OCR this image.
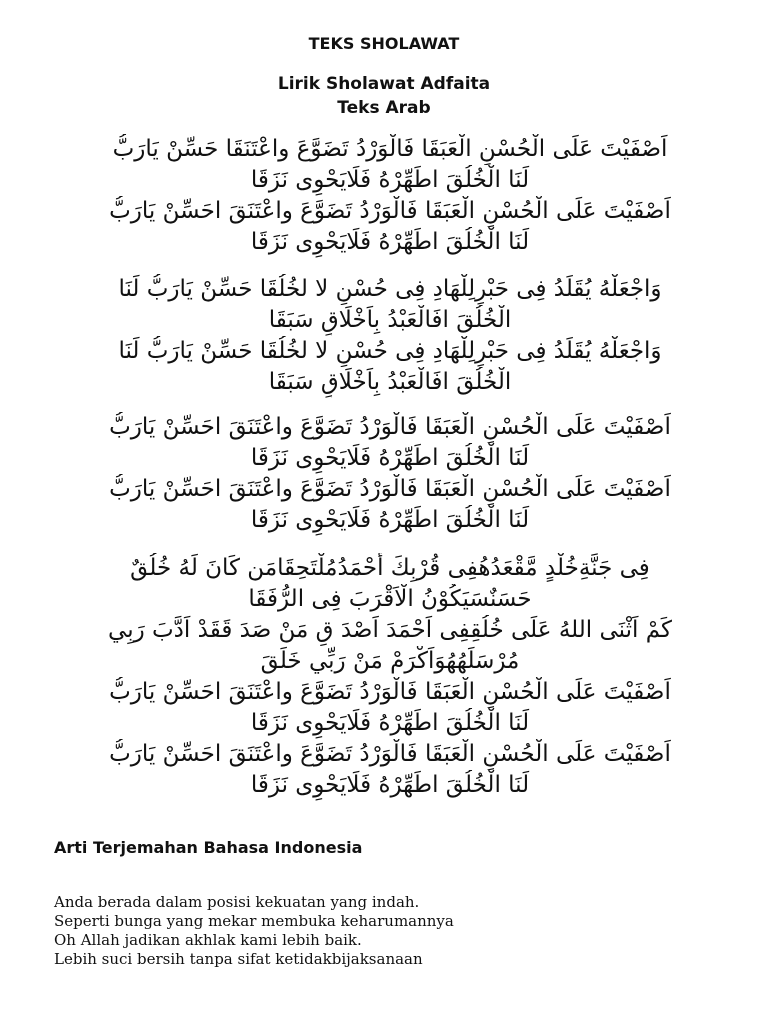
TEKS SHOLAWAT
Lirik Sholawat Adfaita
Teks Arab
اَصْفَيْتَ عَلَى الْحُسْنِ الْعَبَقَا فَالْوَرْدُ تَضَوَّعَ واعْتَنَقَا حَسِّنْ يَارَبُّ
لَنَا الْخُلُقَ اطَهِّرْهُ فَلَايَحْوِى نَزَقَا
اَصْفَيْتَ عَلَى الْحُسْنِ الْعَبَقَا فَالْوَرْدُ تَضَوَّعَ واعْتَنَقَ احَسِّنْ يَارَبُّ
لَنَا الْخُلُقَ اطَهِّرْهُ فَلَايَحْوِى نَزَقَا
وَاجْعَلْهُ يُقَلِّدُ فِى حَبْرِلِلْهَادِ فِى حُسْنٍ لا لخُلُقَا حَسِّنْ يَارَبُّ لَنَا
الْخُلُقَ افَالْعَبْدُ بِاَخْلَاقٍ سَبَقَا
وَاجْعَلْهُ يُقَلِّدُ فِى حَبْرِلِلْهَادِ فِى حُسْنٍ لا لخُلُقَا حَسِّنْ يَارَبُّ لَنَا
الْخُلُقَ افَالْعَبْدُ بِاَخْلَاقٍ سَبَقَا
اَصْفَيْتَ عَلَى الْحُسْنِ الْعَبَقَا فَالْوَرْدُ تَضَوَّعَ واعْتَنَقَ احَسِّنْ يَارَبُّ
لَنَا الْخُلُقَ اطَهِّرْهُ فَلَايَحْوِى نَزَقَا
اَصْفَيْتَ عَلَى الْحُسْنِ الْعَبَقَا فَالْوَرْدُ تَضَوَّعَ واعْتَنَقَ احَسِّنْ يَارَبُّ
لَنَا الْخُلُقَ اطَهِّرْهُ فَلَايَحْوِى نَزَقَا
فِى جَنَّةِخُلْدٍ مَّقْعَدُهُفِى قُرْبِكَ أَحْمَدُمُلْتَحِقَامَن كَانَ لَهُ خُلُقٌ
حَسَنٌسَيَكُوْنُ الْاَقْرَبَ فِى الرُّفَقَا
كَمْ اَثْنَى اللهُ عَلَى خُلُقِفِى اَحْمَدَ اَصْدَ قِ مَنْ صَدَ قَقَدْ اَدَّبَ رَبِي
مُرْسَلَهُهُوَاَكْرَمْ مَنْ رَبِّي خَلَقَ
اَصْفَيْتَ عَلَى الْحُسْنِ الْعَبَقَا فَالْوَرْدُ تَضَوَّعَ واعْتَنَقَ احَسِّنْ يَارَبُّ
لَنَا الْخُلُقَ اطَهِّرْهُ فَلَايَحْوِى نَزَقَا
اَصْفَيْتَ عَلَى الْحُسْنِ الْعَبَقَا فَالْوَرْدُ تَضَوَّعَ واعْتَنَقَ احَسِّنْ يَارَبُّ
لَنَا الْخُلُقَ اطَهِّرْهُ فَلَايَحْوِى نَزَقَا
Arti Terjemahan Bahasa Indonesia
Anda berada dalam posisi kekuatan yang indah.
Seperti bunga yang mekar membuka keharumannya
Oh Allah jadikan akhlak kami lebih baik.
Lebih suci bersih tanpa sifat ketidakbijaksanaan
